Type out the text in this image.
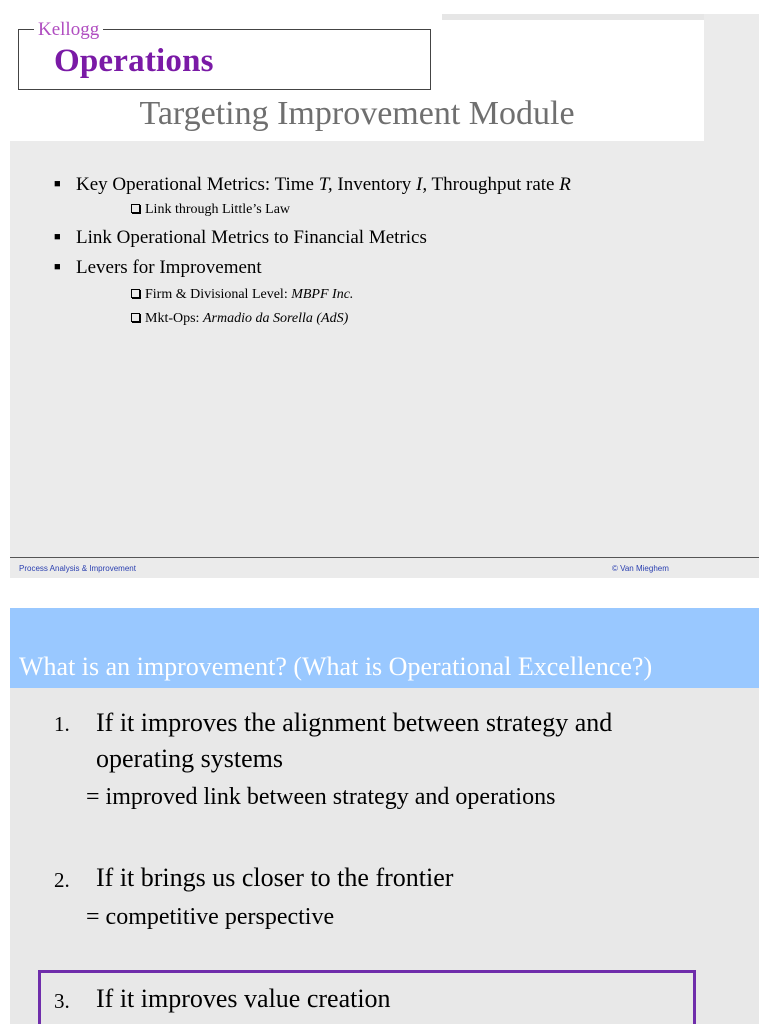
Kellogg
Operations
Targeting Improvement Module
■ Key Operational Metrics: Time T, Inventory I, Throughput rate R
Link through Little’s Law
■ Link Operational Metrics to Financial Metrics
■ Levers for Improvement
Firm & Divisional Level: MBPF Inc.
Mkt-Ops: Armadio da Sorella (AdS)
Process Analysis & Improvement	© Van Mieghem
What is an improvement? (What is Operational Excellence?)
1. If it improves the alignment between strategy and
operating systems
= improved link between strategy and operations
2. If it brings us closer to the frontier
= competitive perspective
3. If it improves value creation
